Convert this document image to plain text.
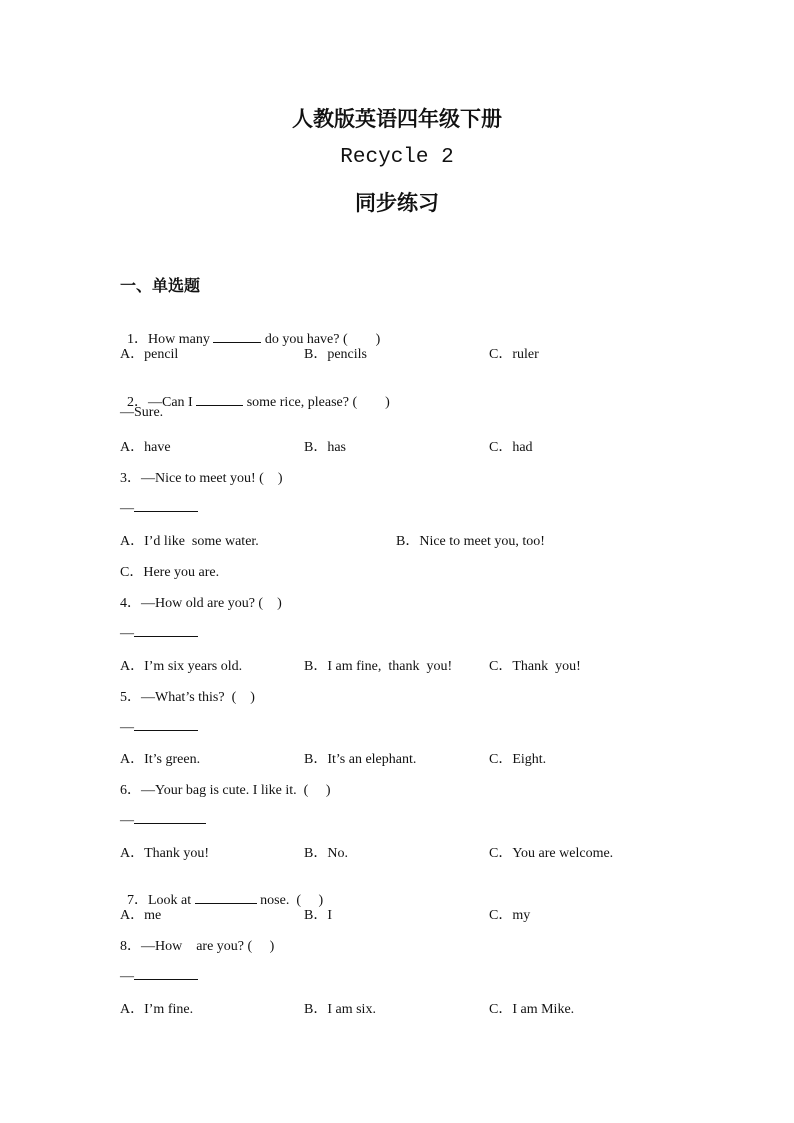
人教版英语四年级下册
Recycle 2
同步练习
一、单选题

1．How many	do you have? (　　)

A．pencil	B．pencils	C．ruler

2．—Can I	some rice, please? (　　)

—Sure.
A．have	B．has	C．had
3．—Nice to meet you! (　)
—
A．I’d like  some water.	B．Nice to meet you, too!
C．Here you are.
4．—How old are you? (　)
—
A．I’m six years old.	B．I am fine,  thank  you!	C．Thank  you!
5．—What’s this?  (　)
—
A．It’s green.	B．It’s an elephant.	C．Eight.
6．—Your bag is cute. I like it.  (　 )
—
A．Thank you!	B．No.	C．You are welcome.

7．Look at	nose.  (　 )

A．me	B．I	C．my
8．—How　are you? (　 )
—
A．I’m fine.	B．I am six.	C．I am Mike.
